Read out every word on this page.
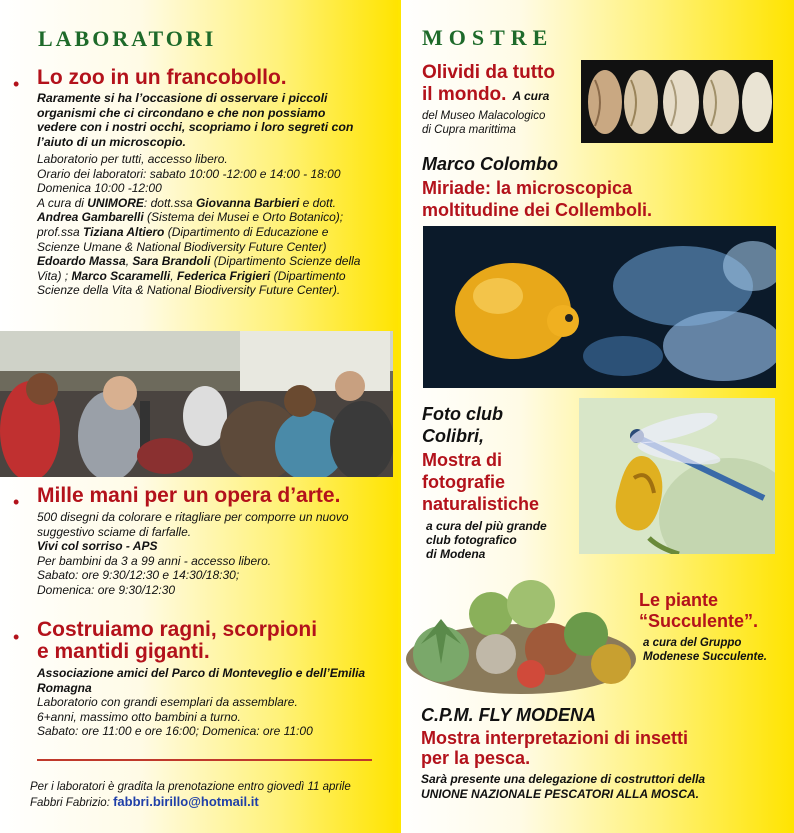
LABORATORI
• Lo zoo in un francobollo.
Raramente si ha l’occasione di osservare i piccoli organismi che ci circondano e che non possiamo vedere con i nostri occhi, scopriamo i loro segreti con l’aiuto di un microscopio.
Laboratorio per tutti, accesso libero.
Orario dei laboratori: sabato 10:00 -12:00 e 14:00 - 18:00
Domenica 10:00 -12:00
A cura di UNIMORE: dott.ssa Giovanna Barbieri e dott. Andrea Gambarelli (Sistema dei Musei e Orto Botanico); prof.ssa Tiziana Altiero (Dipartimento di Educazione e Scienze Umane & National Biodiversity Future Center) Edoardo Massa, Sara Brandoli (Dipartimento Scienze della Vita) ; Marco Scaramelli, Federica Frigieri (Dipartimento Scienze della Vita & National Biodiversity Future Center).
• Mille mani per un opera d’arte.
500 disegni da colorare e ritagliare per comporre un nuovo suggestivo sciame di farfalle.
Vivi col sorriso - APS
Per bambini da 3 a 99 anni - accesso libero.
Sabato: ore 9:30/12:30 e 14:30/18:30;
Domenica: ore 9:30/12:30
• Costruiamo ragni, scorpioni
e mantidi giganti.
Associazione amici del Parco di Monteveglio e dell’Emilia Romagna
Laboratorio con grandi esemplari da assemblare.
6+anni, massimo otto bambini a turno.
Sabato: ore 11:00 e ore 16:00; Domenica: ore 11:00
Per i laboratori è gradita la prenotazione entro giovedì 11 aprile
Fabbri Fabrizio: fabbri.birillo@hotmail.it
MOSTRE
Olividi da tutto
il mondo. A cura
del Museo Malacologico
di Cupra marittima
Marco Colombo
Miriade: la microscopica
moltitudine dei Collemboli.
Foto club
Colibri,
Mostra di
fotografie
naturalistiche
a cura del più grande
club fotografico
di Modena
Le piante
“Succulente”.
a cura del Gruppo
Modenese Succulente.
C.P.M. FLY MODENA
Mostra interpretazioni di insetti
per la pesca.
Sarà presente una delegazione di costruttori della
UNIONE NAZIONALE PESCATORI ALLA MOSCA.
